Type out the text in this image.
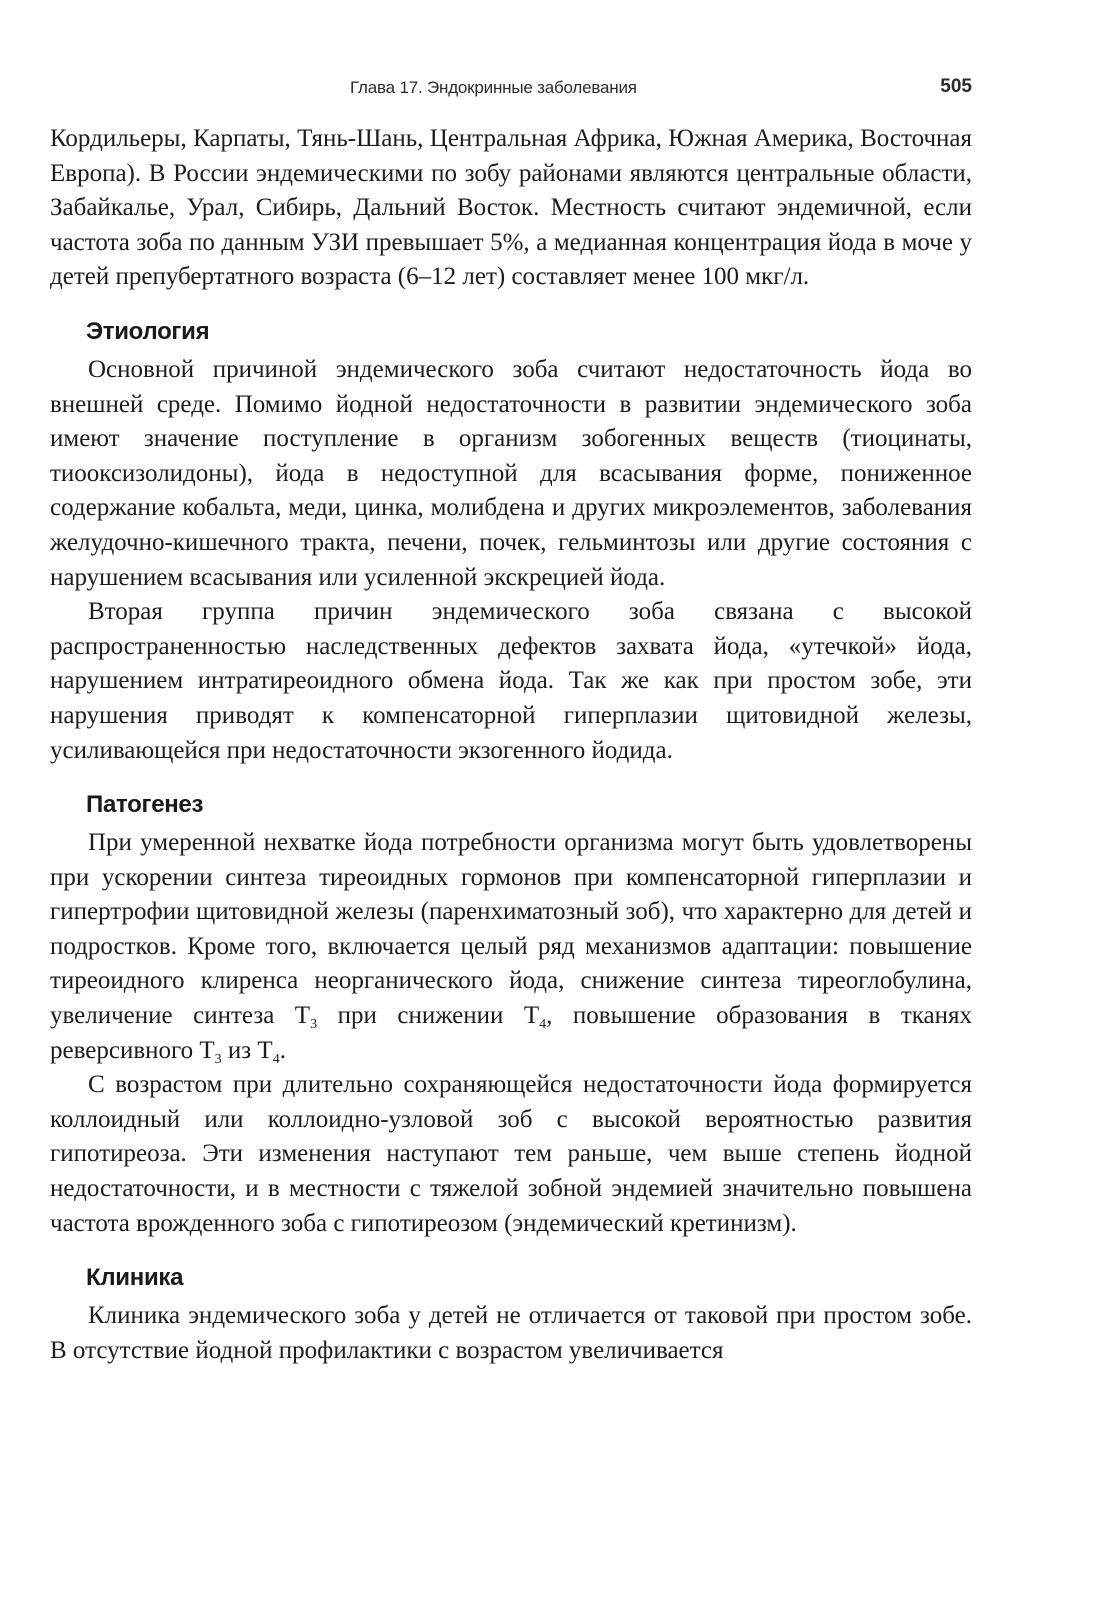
Глава 17. Эндокринные заболевания	505

Кордильеры, Карпаты, Тянь-Шань, Центральная Африка, Южная Америка, Восточная Европа). В России эндемическими по зобу районами являются центральные области, Забайкалье, Урал, Сибирь, Дальний Восток. Местность считают эндемичной, если частота зоба по данным УЗИ превышает 5%, а медианная концентрация йода в моче у детей препубертатного возраста (6–12 лет) составляет менее 100 мкг/л.

Этиология

Основной причиной эндемического зоба считают недостаточность йода во внешней среде. Помимо йодной недостаточности в развитии эндемического зоба имеют значение поступление в организм зобогенных веществ (тиоцинаты, тиооксизолидоны), йода в недоступной для всасывания форме, пониженное содержание кобальта, меди, цинка, молибдена и других микроэлементов, заболевания желудочно-кишечного тракта, печени, почек, гельминтозы или другие состояния с нарушением всасывания или усиленной экскрецией йода.

Вторая группа причин эндемического зоба связана с высокой распространенностью наследственных дефектов захвата йода, «утечкой» йода, нарушением интратиреоидного обмена йода. Так же как при простом зобе, эти нарушения приводят к компенсаторной гиперплазии щитовидной железы, усиливающейся при недостаточности экзогенного йодида.

Патогенез

При умеренной нехватке йода потребности организма могут быть удовлетворены при ускорении синтеза тиреоидных гормонов при компенсаторной гиперплазии и гипертрофии щитовидной железы (паренхиматозный зоб), что характерно для детей и подростков. Кроме того, включается целый ряд механизмов адаптации: повышение тиреоидного клиренса неорганического йода, снижение синтеза тиреоглобулина, увеличение синтеза $T_3$ при снижении $T_4$, повышение образования в тканях реверсивного $T_3$ из $T_4$.

С возрастом при длительно сохраняющейся недостаточности йода формируется коллоидный или коллоидно-узловой зоб с высокой вероятностью развития гипотиреоза. Эти изменения наступают тем раньше, чем выше степень йодной недостаточности, и в местности с тяжелой зобной эндемией значительно повышена частота врожденного зоба с гипотиреозом (эндемический кретинизм).

Клиника

Клиника эндемического зоба у детей не отличается от таковой при простом зобе. В отсутствие йодной профилактики с возрастом увеличивается
